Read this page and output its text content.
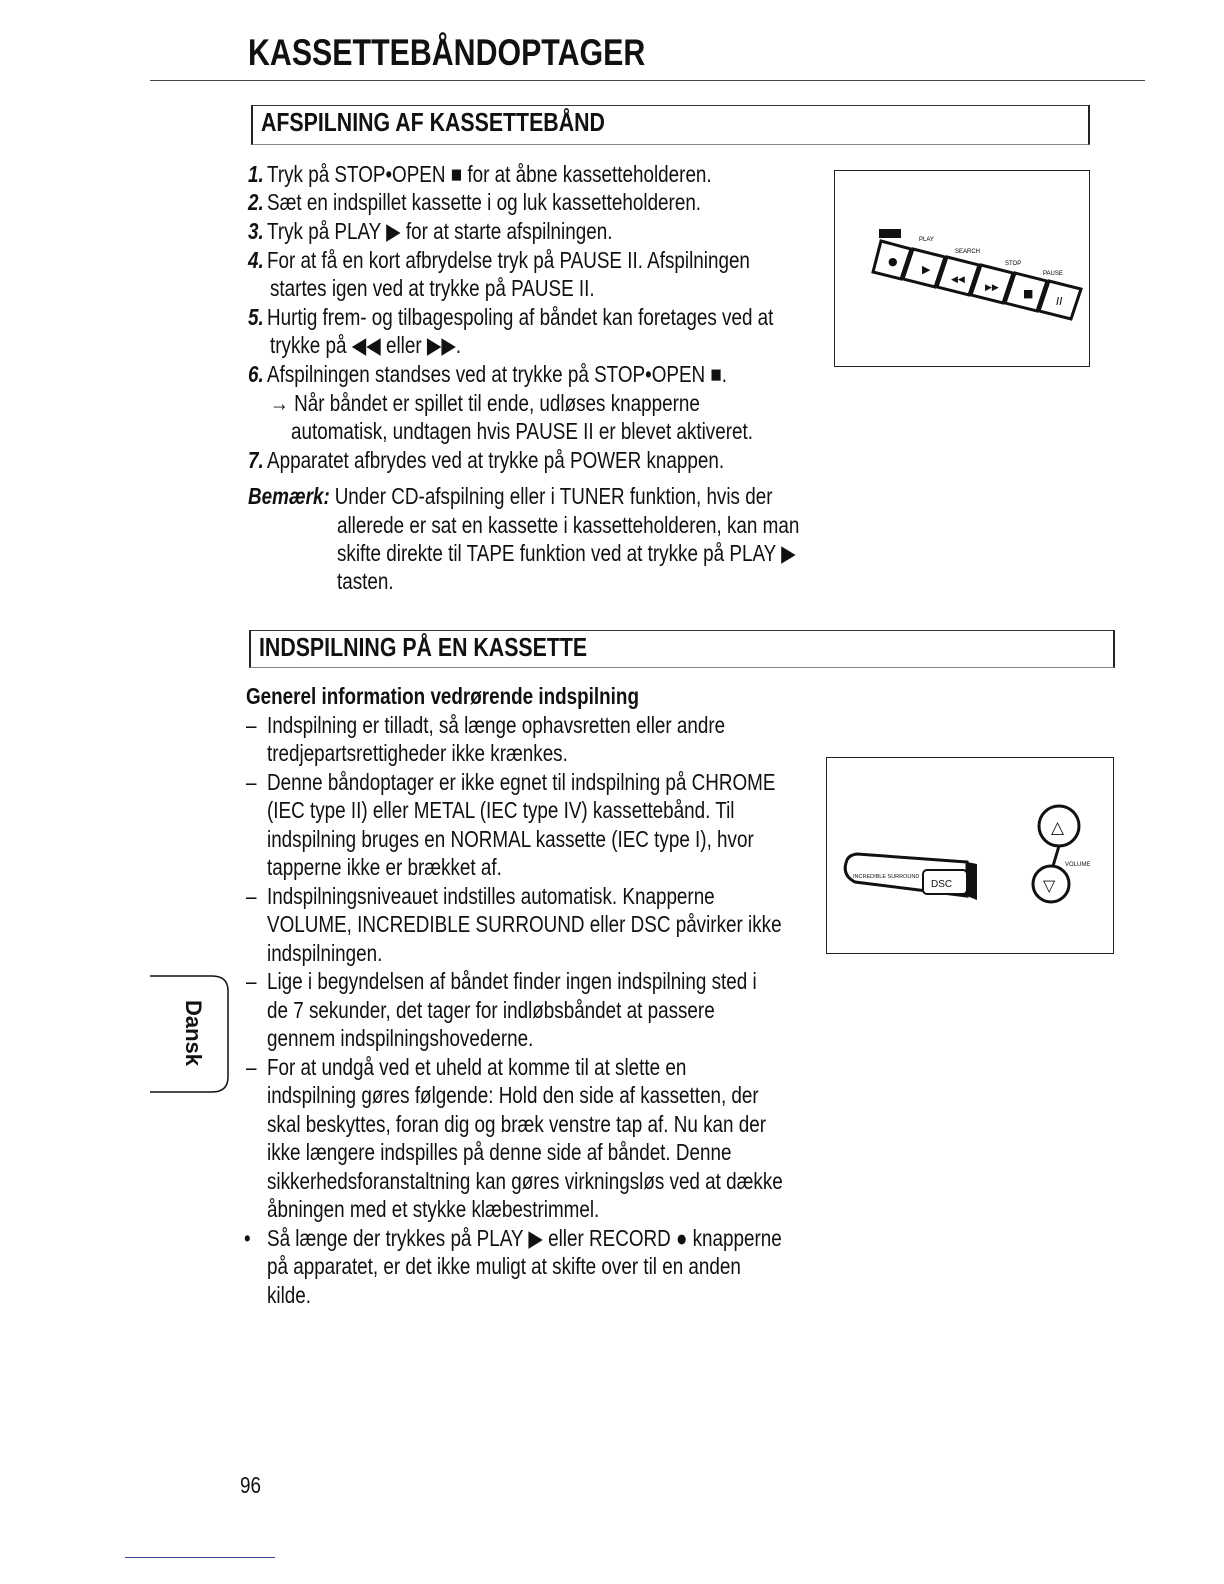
KASSETTEBÅNDOPTAGER
AFSPILNING AF KASSETTEBÅND
1. Tryk på STOP•OPEN ■ for at åbne kassetteholderen.
2. Sæt en indspillet kassette i og luk kassetteholderen.
3. Tryk på PLAY ▶ for at starte afspilningen.
4. For at få en kort afbrydelse tryk på PAUSE II. Afspilningen
startes igen ved at trykke på PAUSE II.
5. Hurtig frem- og tilbagespoling af båndet kan foretages ved at
trykke på ◀◀ eller ▶▶.
6. Afspilningen standses ved at trykke på STOP•OPEN ■.
→ Når båndet er spillet til ende, udløses knapperne
automatisk, undtagen hvis PAUSE II er blevet aktiveret.
7. Apparatet afbrydes ved at trykke på POWER knappen.
Bemærk: Under CD-afspilning eller i TUNER funktion, hvis der
allerede er sat en kassette i kassetteholderen, kan man
skifte direkte til TAPE funktion ved at trykke på PLAY ▶
tasten.
PLAY
SEARCH
STOP
PAUSE
●
▶
◀◀
▶▶ ■
II
INDSPILNING PÅ EN KASSETTE
Generel information vedrørende indspilning
– Indspilning er tilladt, så længe ophavsretten eller andre
tredjepartsrettigheder ikke krænkes.
– Denne båndoptager er ikke egnet til indspilning på CHROME
(IEC type II) eller METAL (IEC type IV) kassettebånd. Til
indspilning bruges en NORMAL kassette (IEC type I), hvor
tapperne ikke er brækket af.
– Indspilningsniveauet indstilles automatisk. Knapperne
VOLUME, INCREDIBLE SURROUND eller DSC påvirker ikke
indspilningen.
– Lige i begyndelsen af båndet finder ingen indspilning sted i
de 7 sekunder, det tager for indløbsbåndet at passere
gennem indspilningshovederne.
– For at undgå ved et uheld at komme til at slette en
indspilning gøres følgende: Hold den side af kassetten, der
skal beskyttes, foran dig og bræk venstre tap af. Nu kan der
ikke længere indspilles på denne side af båndet. Denne
sikkerhedsforanstaltning kan gøres virkningsløs ved at dække
åbningen med et stykke klæbestrimmel.
• Så længe der trykkes på PLAY ▶ eller RECORD ● knapperne
på apparatet, er det ikke muligt at skifte over til en anden
kilde.
INCREDIBLE SURROUND
DSC
△
▽
VOLUME
Dansk
96
